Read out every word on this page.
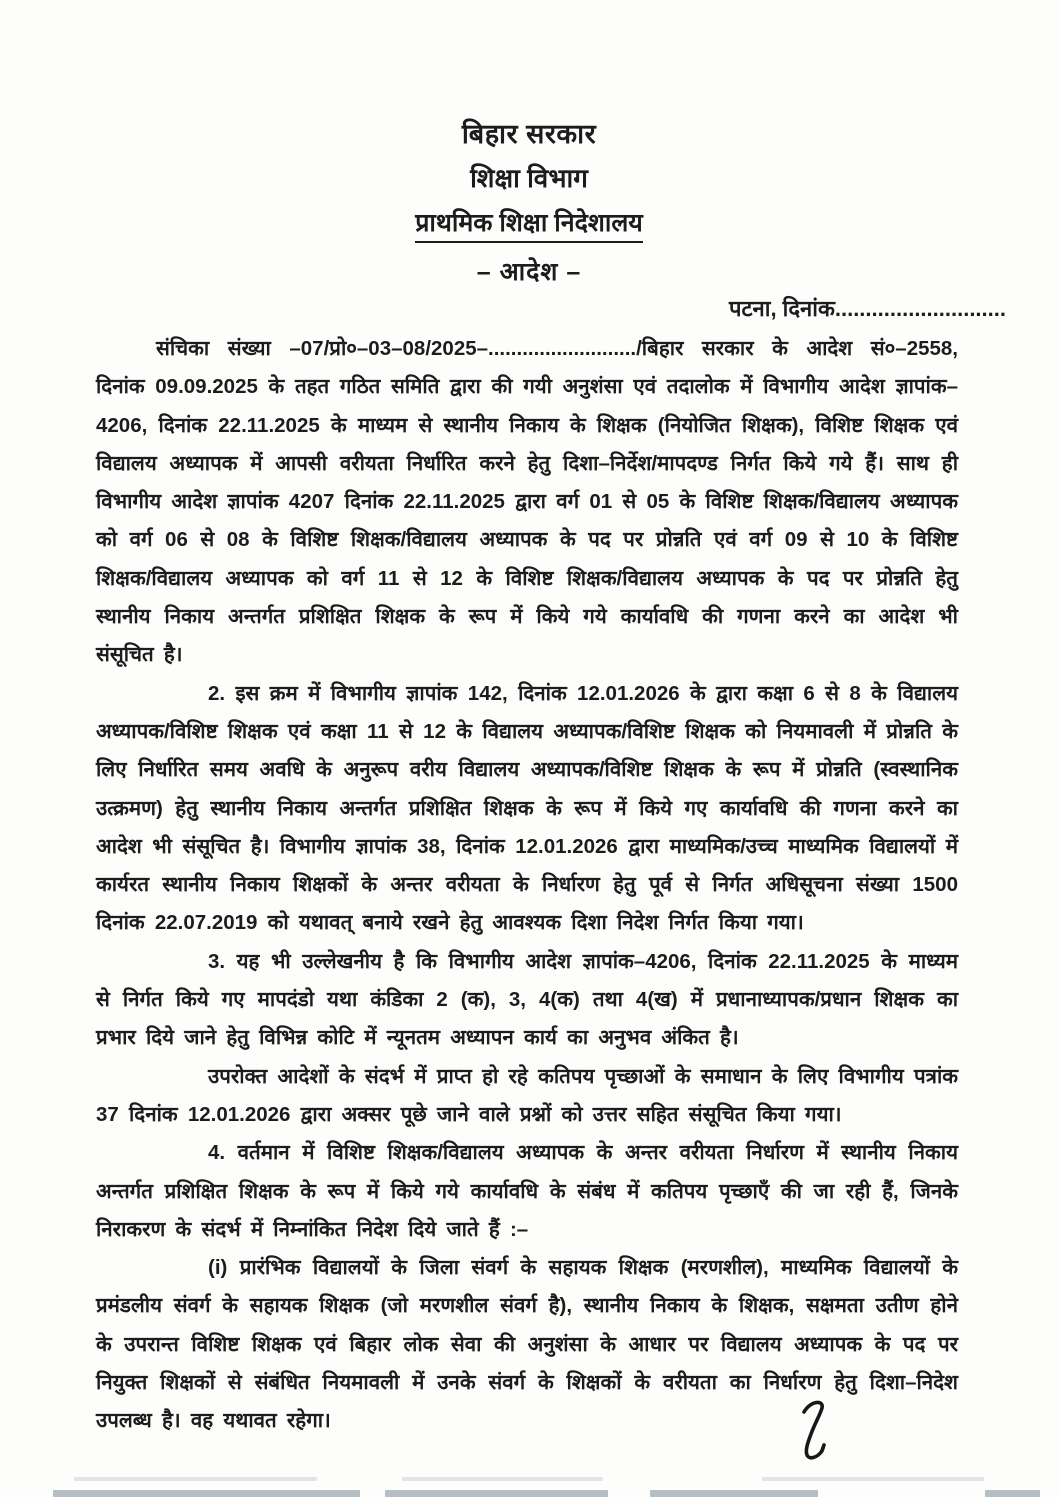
बिहार सरकार
शिक्षा विभाग
प्राथमिक शिक्षा निदेशालय
– आदेश –
पटना, दिनांक............................

संचिका संख्या –07/प्रो०–03–08/2025–........................../बिहार सरकार के आदेश सं०–2558, दिनांक 09.09.2025 के तहत गठित समिति द्वारा की गयी अनुशंसा एवं तदालोक में विभागीय आदेश ज्ञापांक–4206, दिनांक 22.11.2025 के माध्यम से स्थानीय निकाय के शिक्षक (नियोजित शिक्षक), विशिष्ट शिक्षक एवं विद्यालय अध्यापक में आपसी वरीयता निर्धारित करने हेतु दिशा–निर्देश/मापदण्ड निर्गत किये गये हैं। साथ ही विभागीय आदेश ज्ञापांक 4207 दिनांक 22.11.2025 द्वारा वर्ग 01 से 05 के विशिष्ट शिक्षक/विद्यालय अध्यापक को वर्ग 06 से 08 के विशिष्ट शिक्षक/विद्यालय अध्यापक के पद पर प्रोन्नति एवं वर्ग 09 से 10 के विशिष्ट शिक्षक/विद्यालय अध्यापक को वर्ग 11 से 12 के विशिष्ट शिक्षक/विद्यालय अध्यापक के पद पर प्रोन्नति हेतु स्थानीय निकाय अन्तर्गत प्रशिक्षित शिक्षक के रूप में किये गये कार्यावधि की गणना करने का आदेश भी संसूचित है।

2. इस क्रम में विभागीय ज्ञापांक 142, दिनांक 12.01.2026 के द्वारा कक्षा 6 से 8 के विद्यालय अध्यापक/विशिष्ट शिक्षक एवं कक्षा 11 से 12 के विद्यालय अध्यापक/विशिष्ट शिक्षक को नियमावली में प्रोन्नति के लिए निर्धारित समय अवधि के अनुरूप वरीय विद्यालय अध्यापक/विशिष्ट शिक्षक के रूप में प्रोन्नति (स्वस्थानिक उत्क्रमण) हेतु स्थानीय निकाय अन्तर्गत प्रशिक्षित शिक्षक के रूप में किये गए कार्यावधि की गणना करने का आदेश भी संसूचित है। विभागीय ज्ञापांक 38, दिनांक 12.01.2026 द्वारा माध्यमिक/उच्च माध्यमिक विद्यालयों में कार्यरत स्थानीय निकाय शिक्षकों के अन्तर वरीयता के निर्धारण हेतु पूर्व से निर्गत अधिसूचना संख्या 1500 दिनांक 22.07.2019 को यथावत् बनाये रखने हेतु आवश्यक दिशा निदेश निर्गत किया गया।

3. यह भी उल्लेखनीय है कि विभागीय आदेश ज्ञापांक–4206, दिनांक 22.11.2025 के माध्यम से निर्गत किये गए मापदंडो यथा कंडिका 2 (क), 3, 4(क) तथा 4(ख) में प्रधानाध्यापक/प्रधान शिक्षक का प्रभार दिये जाने हेतु विभिन्न कोटि में न्यूनतम अध्यापन कार्य का अनुभव अंकित है।

उपरोक्त आदेशों के संदर्भ में प्राप्त हो रहे कतिपय पृच्छाओं के समाधान के लिए विभागीय पत्रांक 37 दिनांक 12.01.2026 द्वारा अक्सर पूछे जाने वाले प्रश्नों को उत्तर सहित संसूचित किया गया।

4. वर्तमान में विशिष्ट शिक्षक/विद्यालय अध्यापक के अन्तर वरीयता निर्धारण में स्थानीय निकाय अन्तर्गत प्रशिक्षित शिक्षक के रूप में किये गये कार्यावधि के संबंध में कतिपय पृच्छाएँ की जा रही हैं, जिनके निराकरण के संदर्भ में निम्नांकित निदेश दिये जाते हैं :–

(i) प्रारंभिक विद्यालयों के जिला संवर्ग के सहायक शिक्षक (मरणशील), माध्यमिक विद्यालयों के प्रमंडलीय संवर्ग के सहायक शिक्षक (जो मरणशील संवर्ग है), स्थानीय निकाय के शिक्षक, सक्षमता उतीण होने के उपरान्त विशिष्ट शिक्षक एवं बिहार लोक सेवा की अनुशंसा के आधार पर विद्यालय अध्यापक के पद पर नियुक्त शिक्षकों से संबंधित नियमावली में उनके संवर्ग के शिक्षकों के वरीयता का निर्धारण हेतु दिशा–निदेश उपलब्ध है। वह यथावत रहेगा।
